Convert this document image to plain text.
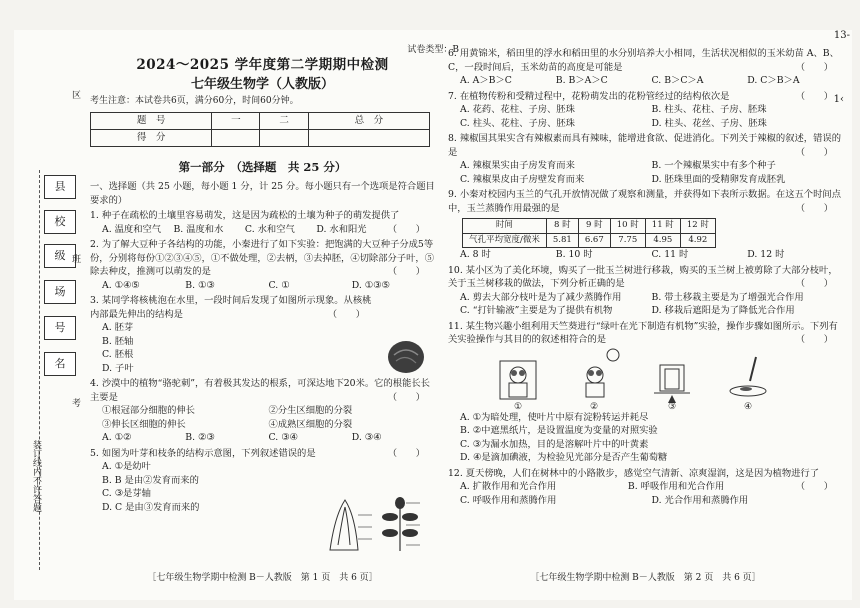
13-
1‹
县
校
级
场
号
名
区
班
考
装订线内不许答题
试卷类型：B
2024～2025 学年度第二学期期中检测
七年级生物学（人教版）
考生注意：本试卷共6页，满分60分，时间60分钟。
题　号	一	二	总　分
得　分			
第一部分　（选择题　共 25 分）
一、选择题（共 25 小题，每小题 1 分，计 25 分。每小题只有一个选项是符合题目要求的）
1. 种子在疏松的土壤里容易萌发，这是因为疏松的土壤为种子的萌发提供了
（　　）
A. 温度和空气	B. 温度和水	C. 水和空气	D. 水和阳光
2. 为了解大豆种子各结构的功能，小秦进行了如下实验：把饱满的大豆种子分成5等份，分别将每份①②③④⑤，①不做处理，②去柄，③去掉胚，④切除部分子叶，⑤除去种皮，推测可以萌发的是	（　　）
A. ①④⑤	B. ①③	C. ①	D. ①③⑤
3. 某同学将核桃泡在水里，一段时间后发现了如图所示现象。从核桃内部最先伸出的结构是	（　　）
A. 胚芽
B. 胚轴
C. 胚根
D. 子叶
4. 沙漠中的植物“骆驼刺”，有着极其发达的根系，可深达地下20米。它的根能长长主要是	（　　）
①根冠部分细胞的伸长	②分生区细胞的分裂
③伸长区细胞的伸长	④成熟区细胞的分裂
A. ①②	B. ②③	C. ③④	D. ③④
5. 如图为叶芽和枝条的结构示意图，下列叙述错误的是	（　　）
A. ①是幼叶
B. B 是由②发育而来的
C. ③是芽轴
D. C 是由③发育而来的
［七年级生物学期中检测 B－人教版　第 1 页　共 6 页］
6. 用黄锦米，稻田里的浮水和稻田里的水分别培养大小相同，生活状况相似的玉米幼苗 A、B、C，一段时间后，玉米幼苗的高度是可能是	（　　）
A. A＞B＞C	B. B＞A＞C	C. B＞C＞A	D. C＞B＞A
7. 在植物传粉和受精过程中，花粉萌发出的花粉管经过的结构依次是	（　　）
A. 花药、花柱、子房、胚珠	B. 柱头、花柱、子房、胚珠
C. 柱头、花柱、子房、胚珠	D. 柱头、花丝、子房、胚珠
8. 辣椒国其果实含有辣椒素而具有辣味，能增进食欲、促进消化。下列关于辣椒的叙述，错误的是	（　　）
A. 辣椒果实由子房发育而来	B. 一个辣椒果实中有多个种子
C. 辣椒果皮由子房壁发育而来	D. 胚珠里面的受精卵发育成胚乳
9. 小秦对校园内玉兰的气孔开放情况做了观察和测量，并获得如下表所示数据。在这五个时间点中，玉兰蒸腾作用最强的是	（　　）
时间	8 时	9 时	10 时	11 时	12 时
气孔平均宽度/微米	5.81	6.67	7.75	4.95	4.92
A. 8 时	B. 10 时	C. 11 时	D. 12 时
10. 某小区为了美化环境，购买了一批玉兰树进行移栽，购买的玉兰树上被剪除了大部分枝叶，关于玉兰树移栽的做法，下列分析正确的是	（　　）
A. 剪去大部分枝叶是为了减少蒸腾作用	B. 带土移栽主要是为了增强光合作用
C. “打针输液”主要是为了提供有机物	D. 移栽后遮阳是为了降低光合作用
11. 某生物兴趣小组利用天竺葵进行“绿叶在光下制造有机物”实验，操作步骤如图所示。下列有关实验操作与其目的的叙述相符合的是	（　　）
①	②	③	④
A. ①为暗处理，使叶片中原有淀粉转运并耗尽
B. ②中遮黑纸片，是设置温度为变量的对照实验
C. ③为漏水加热，目的是溶解叶片中的叶黄素
D. ④是滴加碘液，为检验见光部分是否产生葡萄糖
12. 夏天傍晚，人们在树林中的小路散步，感觉空气清新、凉爽湿润，这是因为植物进行了
（　　）
A. 扩散作用和光合作用	B. 呼吸作用和光合作用
C. 呼吸作用和蒸腾作用	D. 光合作用和蒸腾作用
［七年级生物学期中检测 B－人教版　第 2 页　共 6 页］
